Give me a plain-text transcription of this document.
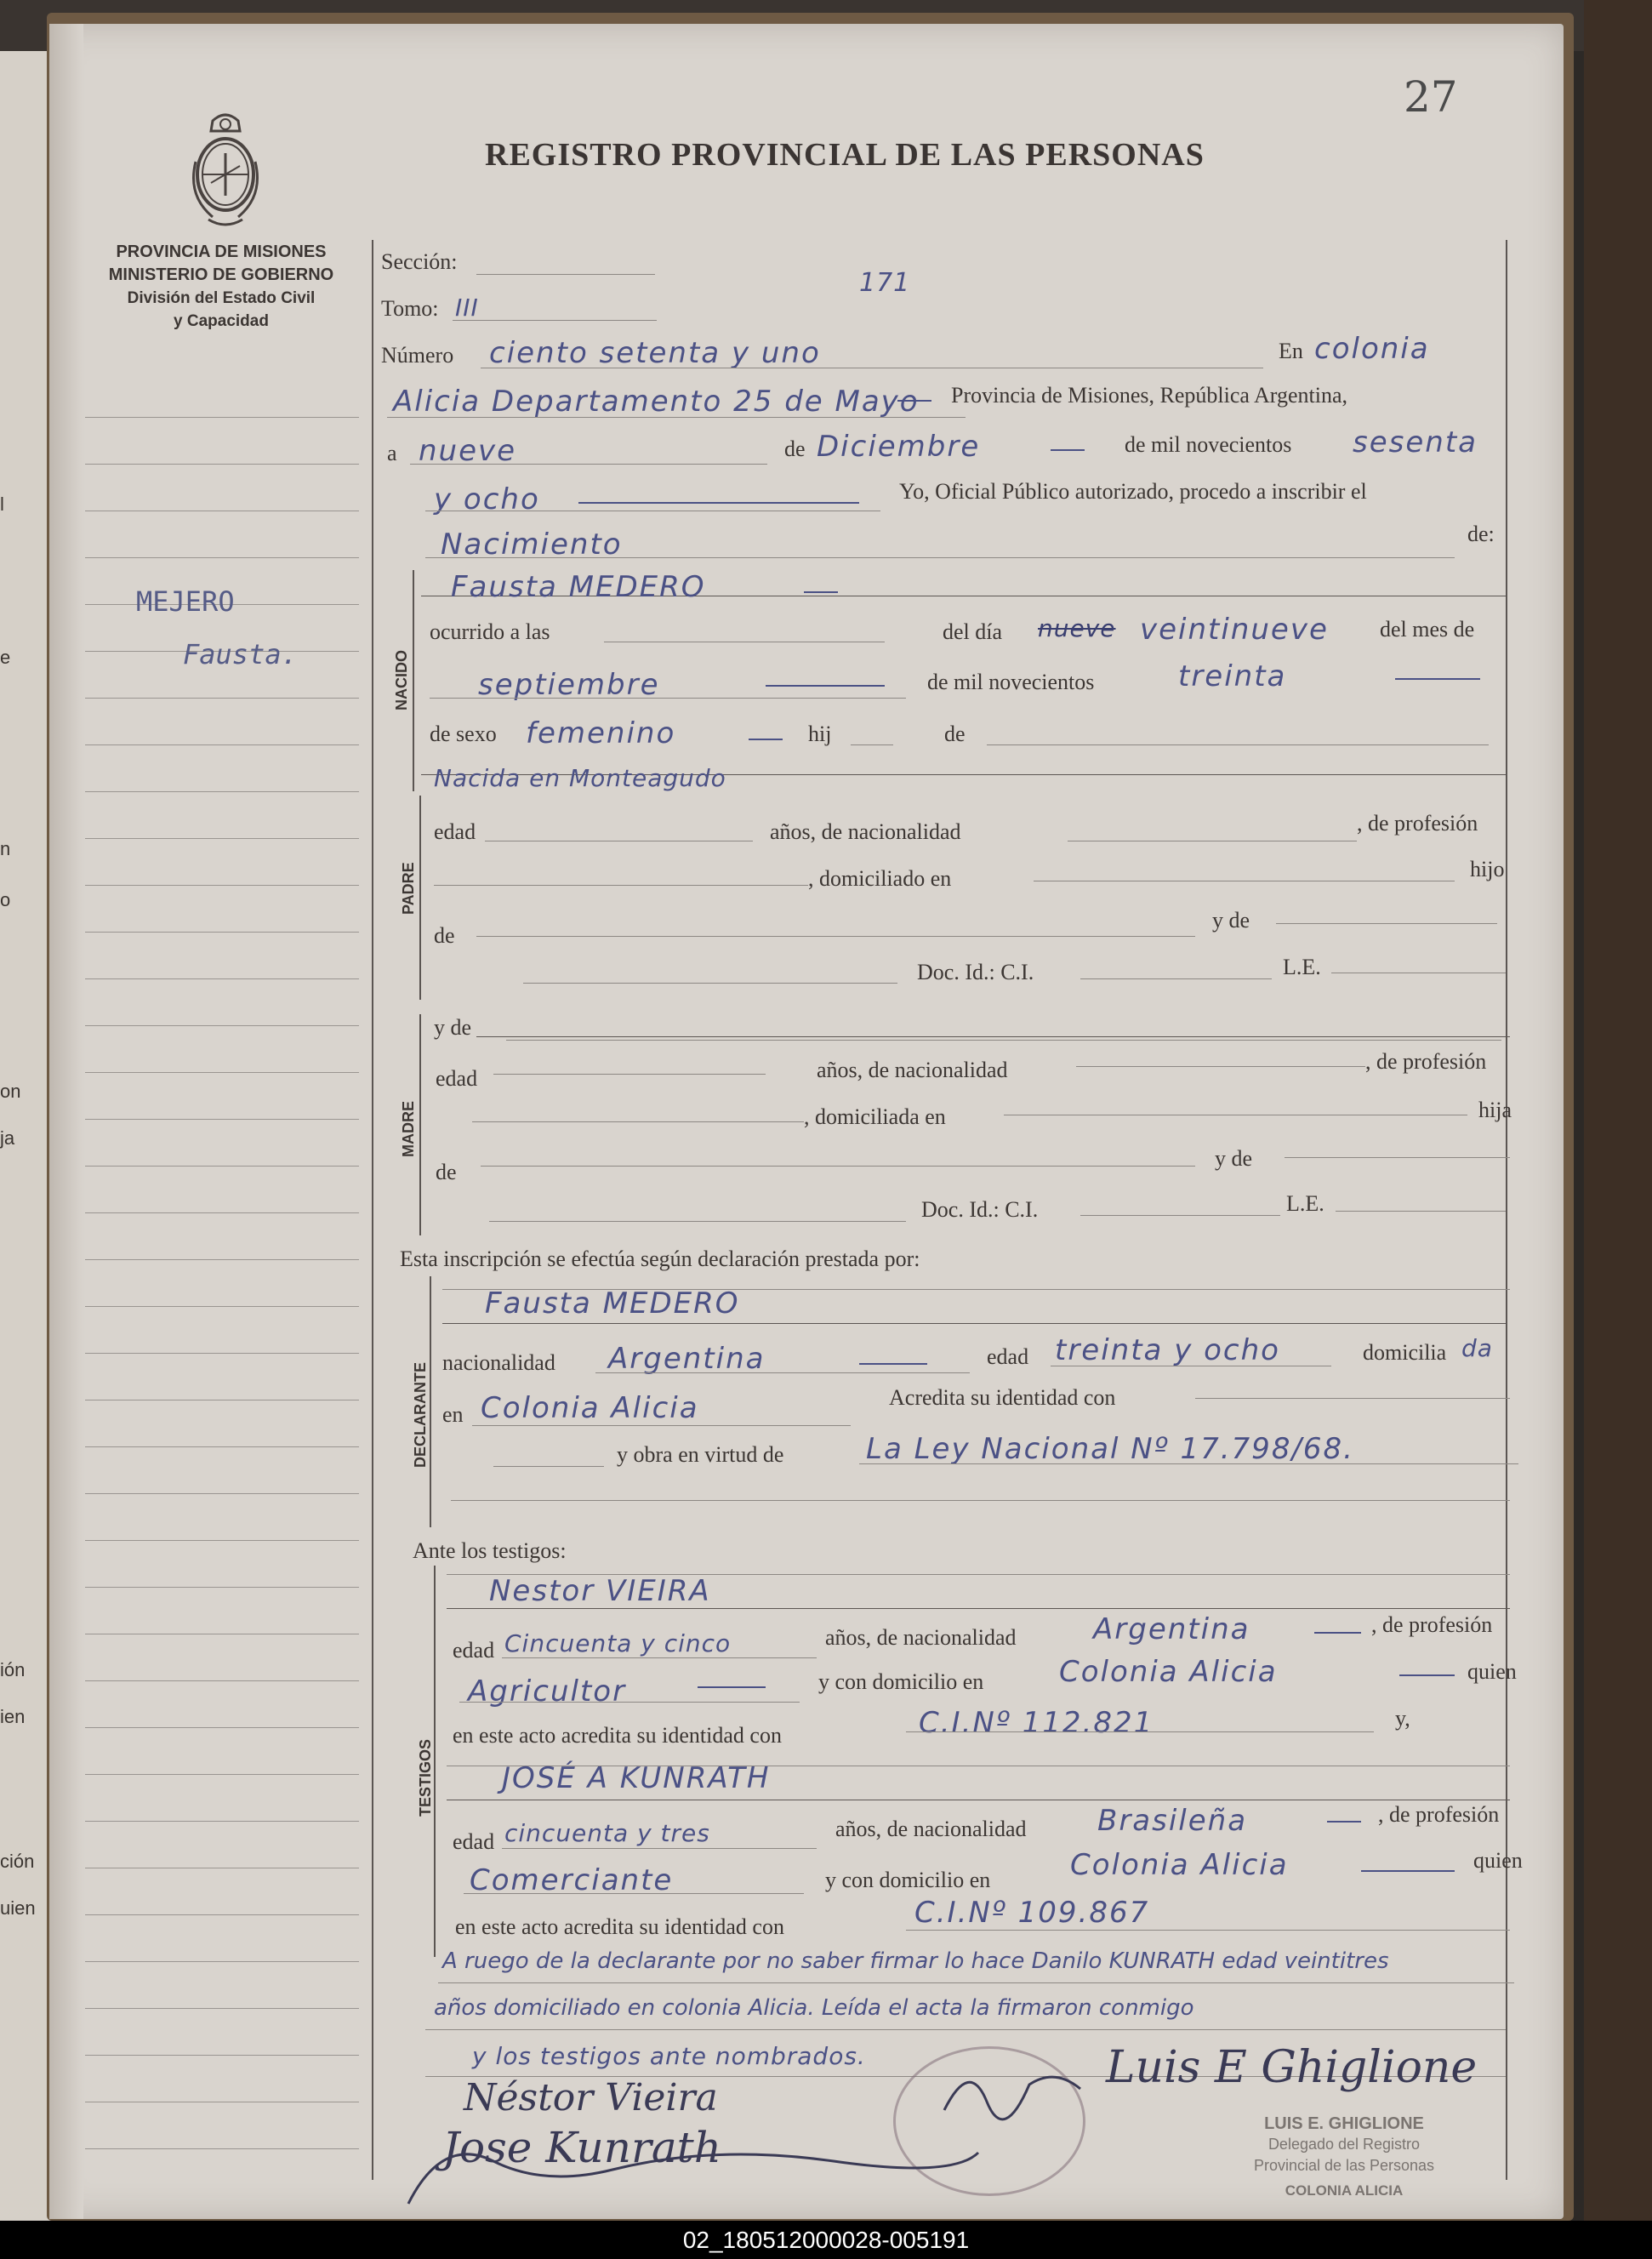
l
e
n
o
on
ja
ión
ien
ción
uien
27
REGISTRO PROVINCIAL DE LAS PERSONAS
PROVINCIA DE MISIONES
MINISTERIO DE GOBIERNO
División del Estado Civil
y Capacidad
MEJERO
Fausta.
Sección:
Tomo: III
171
Número ciento setenta y uno	En colonia
Alicia Departamento 25 de Mayo Provincia de Misiones, República Argentina,
a nueve	de Diciembre	de mil novecientos sesenta
y ocho	Yo, Oficial Público autorizado, procedo a inscribir el
Nacimiento	de:
NACIDO
Fausta MEDERO
ocurrido a las	del día nueve veintinueve del mes de
septiembre	de mil novecientos	treinta
de sexo femenino	hij	de
Nacida en Monteagudo
PADRE
edad	años, de nacionalidad	, de profesión
, domiciliado en	hijo
de
y de
Doc. Id.: C.I.	L.E.
MADRE
y de
edad	años, de nacionalidad	, de profesión
, domiciliada en	hija
de
y de
Doc. Id.: C.I.	L.E.
Esta inscripción se efectúa según declaración prestada por:
DECLARANTE
Fausta MEDERO
nacionalidad Argentina	edad treinta y ocho	domicilia da
en Colonia Alicia	Acredita su identidad con
y obra en virtud de	La Ley Nacional Nº 17.798/68.
Ante los testigos:
TESTIGOS
Nestor VIEIRA
edad Cincuenta y cinco	años, de nacionalidad	Argentina	, de profesión
Agricultor	y con domicilio en	Colonia Alicia	quien
en este acto acredita su identidad con	C.I.Nº 112.821	y,
JOSÉ A KUNRATH
edad cincuenta y tres	años, de nacionalidad Brasileña	, de profesión
Comerciante	y con domicilio en	Colonia Alicia	quien
en este acto acredita su identidad con	C.I.Nº 109.867
A ruego de la declarante por no saber firmar lo hace Danilo KUNRATH edad veintitres
años domiciliado en colonia Alicia. Leída el acta la firmaron conmigo
y los testigos ante nombrados.
Néstor Vieira
Jose Kunrath
Luis E Ghiglione
LUIS E. GHIGLIONE
Delegado del Registro
Provincial de las Personas
COLONIA ALICIA
02_180512000028-005191
